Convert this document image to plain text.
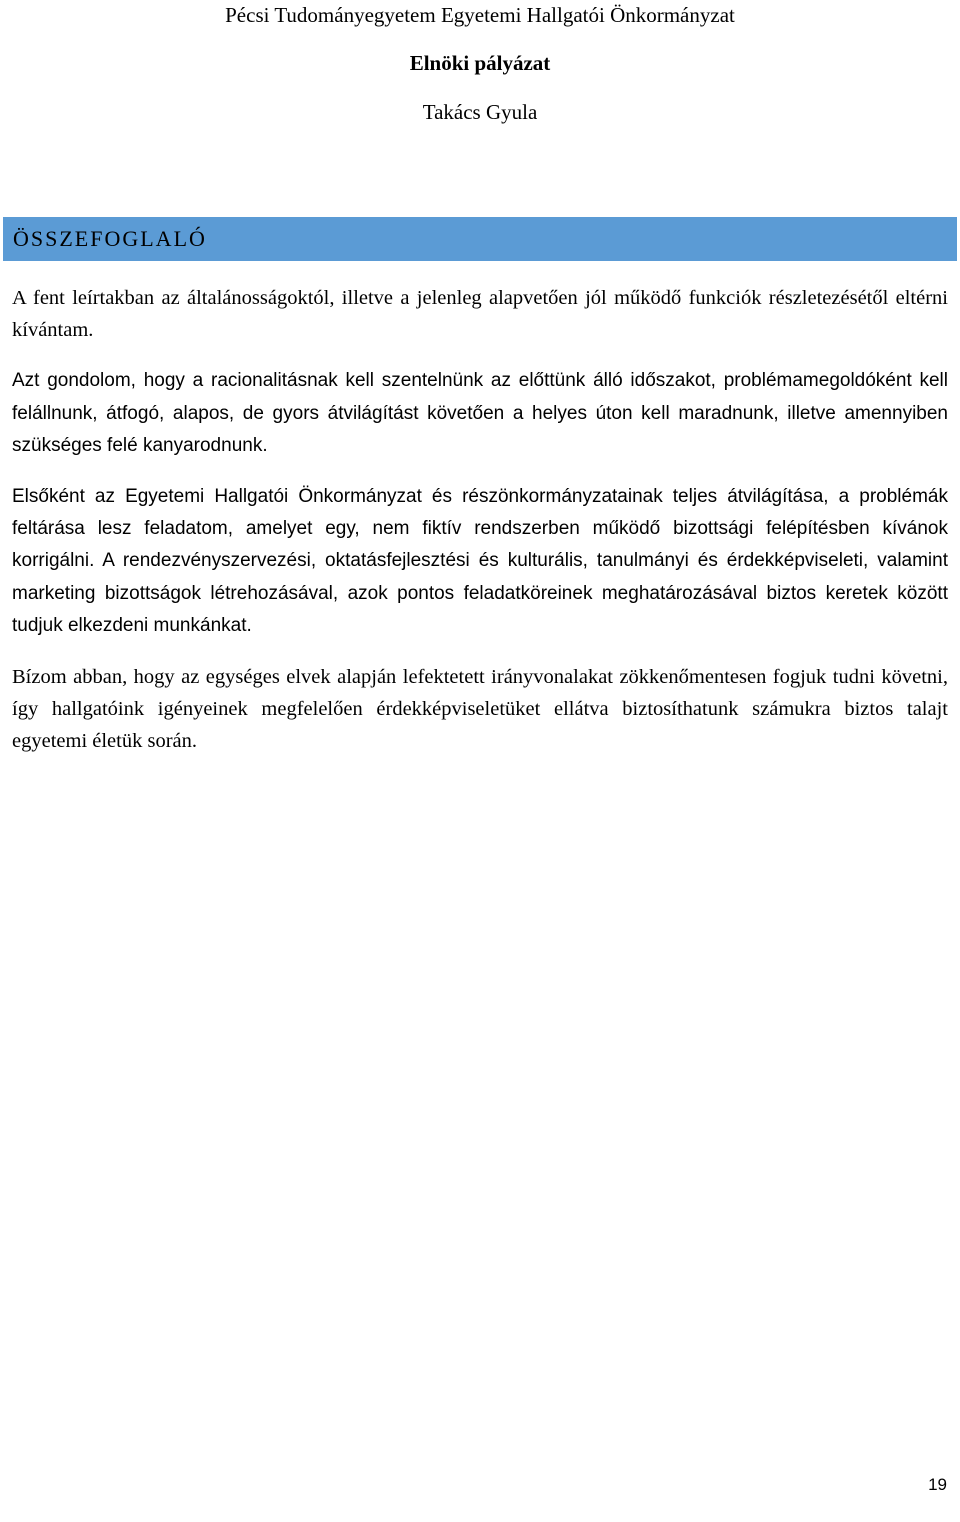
Pécsi Tudományegyetem Egyetemi Hallgatói Önkormányzat
Elnöki pályázat
Takács Gyula
ÖSSZEFOGLALÓ

A fent leírtakban az általánosságoktól, illetve a jelenleg alapvetően jól működő funkciók részletezésétől eltérni kívántam.

Azt gondolom, hogy a racionalitásnak kell szentelnünk az előttünk álló időszakot, problémamegoldóként kell felállnunk, átfogó, alapos, de gyors átvilágítást követően a helyes úton kell maradnunk, illetve amennyiben szükséges felé kanyarodnunk.

Elsőként az Egyetemi Hallgatói Önkormányzat és részönkormányzatainak teljes átvilágítása, a problémák feltárása lesz feladatom, amelyet egy, nem fiktív rendszerben működő bizottsági felépítésben kívánok korrigálni. A rendezvényszervezési, oktatásfejlesztési és kulturális, tanulmányi és érdekképviseleti, valamint marketing bizottságok létrehozásával, azok pontos feladatköreinek meghatározásával biztos keretek között tudjuk elkezdeni munkánkat.

Bízom abban, hogy az egységes elvek alapján lefektetett irányvonalakat zökkenőmentesen fogjuk tudni követni, így hallgatóink igényeinek megfelelően érdekképviseletüket ellátva biztosíthatunk számukra biztos talajt egyetemi életük során.

19
